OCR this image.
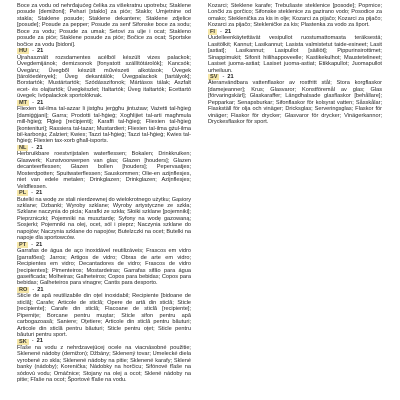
Boce za vodu od nehrđajućeg čelika za višekratnu upotrebu; Staklene posude [demižoni]; Pehari [staklo] za piće; Staklo; Umjetnine od stakla; Staklene posude; Staklene dekantere; Staklene zdjelice [posude]; Posude za pepper; Posude za senf Sifonske boce za sodu; Boce za vodu; Posude za umak; Setovi za ulje i ocat; Stakleno posuđe za piće; Staklene posude za piće; Bočice za ocat; Sportske bočice za vodu [bidoni].
HU - 21
Újrahasznált rozsdamentes acélból készült vizes palackok; Üvegdemijánok; demizsonok [fonyatott szállítótárolók]; Kancsók; Üvegáru; Üvegből készült művészeti alkotások; Üvegek [tárolóedények]; Üveg dekantálók; Üvegpalackok [tartályok]; Borstartók; Mustártartók; Szódásszifonok; Mártásos tálak; Aszfalt ecet- és olajtartók; Üvegkészlet; Italtartók; Üveg italtartók; Ecettartó üvegek; Ivópalackok sportolóknak.
MT - 21
Fliexien tal-ilma tal-azzar li jistgħu jerġgħu jintużaw; Vażetti tal-ħġieġ [damiġġjani]; Garra; Prodotti tal-ħġieġ; Xogħlijiet tal-arti magħmula mill-ħġieġ; Ħġieġ [reċipjenti]; Karaffi tal-ħġieġ; Fliexien tal-ħġieġ [kontenituri]; Rassiera tal-tazar; Mustardieri; Fliexien tal-ilma gżul-ilma bil-karbonju; Zalzieri; Kwies; Tazzi tal-ħġieġ; Tazzi tal-ħġieġ; Kwies tal-ħġieġ; Fliexien tax-xorb għall-isports.
NL - 21
Herbruikbare roestvrijstalen waterflessen; Bokalen; Drinkkruiken; Glaswerk; Kunstvoorwerpen van glas; Glazen [houders]; Glazen decanteerflessen; Glazen bollen [houders]; Pepervaatjes; Mosterdpotten; Spuitwaterflessen; Sauskommen; Olie-en azijnflesjes, niet van edele metalen; Drinkglazen; Drinkglazen; Azijnflesjes; Veldflessen.
PL - 21
Butelki na wodę ze stali nierdzewnej do wielokrotnego użytku; Gąsiory szklane; Dzbanki; Wyroby szklane; Wyroby artystyczne ze szkła; Szklane naczynia do picia; Karafki ze szkła; Słoiki szklane [pojemniki]; Pieprzniczki; Pojemniki na musztardę; Syfony na wodę gazowaną; Sosjerki; Pojemniki na olej, ocet, sól i pieprz; Naczynia szklane do napojów; Naczynia szklane do napojów; Butelzczki na ocet; Butelki na napoje dla sportowców.
PT - 21
Garrafas de água de aço inoxidável reutilizáveis; Frascos em vidro [garrafões]; Jarros; Artigos de vidro; Obras de arte em vidro; Recipientes em vidro; Decantadores de vidro; Frascos de vidro [recipientes]; Pimenteiros; Mostardeiras; Garrafas sifão para água gaseificada; Molheiras; Galheteiros; Copos para bebidas; Copos para bebidas; Galheteiros para vinagre; Cantis para desporto.
RO - 21
Sticle de apă reutilizabile din oțel inoxidabil; Recipiente [bidoane de sticlă]; Carafe; Articole de sticlă; Opere de artă din sticlă; Sticle [recipiente]; Carafe din sticlă; Flacoane de sticlă [recipiente]; Pipernițe; Borcane pentru muștar; Sticle sifon pentru apă carbogazoasă; Saniere; Oțetiere; Articole din sticlă pentru băuturi; Articole din sticlă pentru băuturi; Sticle pentru oțet; Sticle pentru băuturi pentru sport.
SK - 21
Fľaše na vodu z nehrdzavejúcej ocele na viacnásobné použitie; Sklenené nádoby (demižon); Džbány; Sklenený tovar; Umelecké diela vyrobené zo skla; Sklenené nádoby na pitie; Sklenené karafy; Sklené banky (nádoby); Korenička; Nádobky na horčicu; Sifónové fľaše na sódovú vodu; Omáčnice; Stojany na olej a ocot; Sklené nádoby na pitie; Fľaše na ocot; Športové fľaše na vodu.
Kozarci; Steklene karafe; Trebušaste steklenice [posode]; Poprnice; Lončki za gorčico; Sifonske steklenice za gazirano vodo; Posodice za omako; Steklenička za kis in olje; Kozarci za pijačo; Kozarci za pijačo; Kozarci za pijačo; Stekleničke za kis; Plastenka za vodo za šport.
FI - 21
Uudelleenkäytettävät vesipullot ruostumattomasta teräksestä; Lasitölkit; Kannut; Lasikannut; Lasista valmistetut taide-esineet; Lasit [astiat]; Lasikannut; Lasipullot [säiliöt]; Pippurinsirottimet; Sinappimukit; Sifonit hiilihappoveelle; Kastikekulhot; Maustetelineet; Lasiset juoma-astiat; Lasiset juoma-astiat; Etikkapullot; Juomapullot urheiluun.
SV - 21
Återanvändbara vattenflaskor av rostfritt stål; Stora korgflaskor [damejeanner]; Krus; Glasvaror; Konstföremål av glas; Glas [förvaringskärl]; Glaskaraffer; Längdhalsade glasflaskor [behållare]; Pepparkar; Senapsburkar; Sifonflaskor för kolsyrat vatten; Såsskålar; Flaskställ för olja och vinäger; Dricksglas; Serveringsglas; Flaskor för vinäger; Flaskor för drycker; Glasvaror för drycker; Vinägerkannor; Dryckesflaskor för sport.
